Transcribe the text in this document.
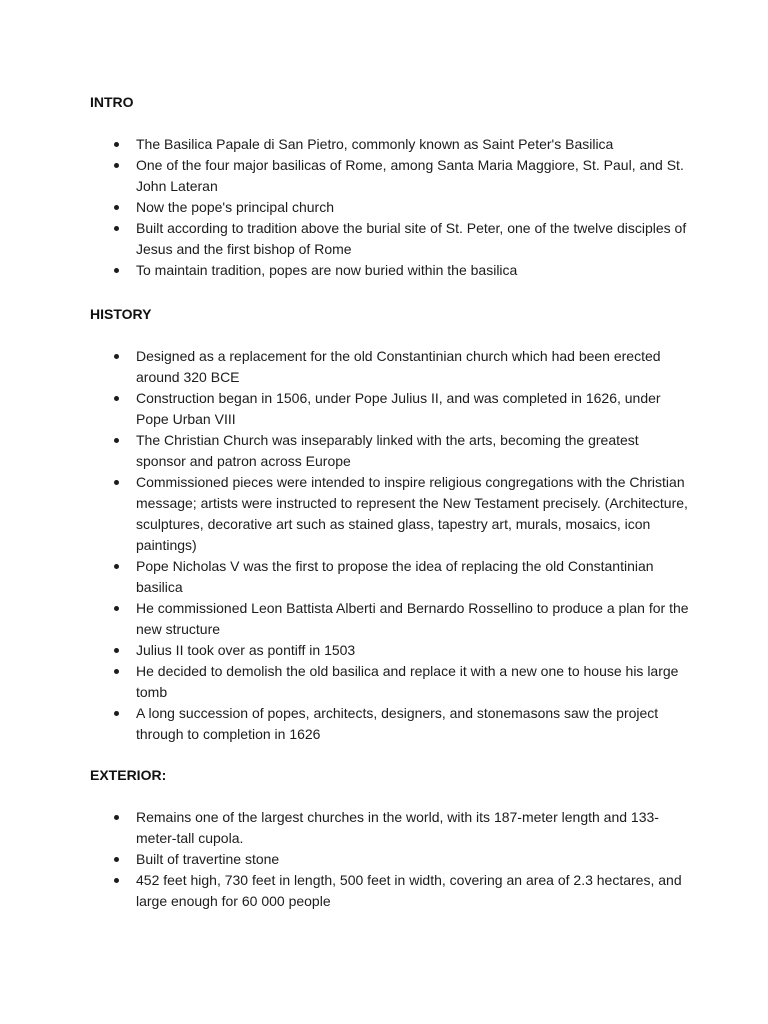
INTRO
The Basilica Papale di San Pietro, commonly known as Saint Peter's Basilica
One of the four major basilicas of Rome, among Santa Maria Maggiore, St. Paul, and St. John Lateran
Now the pope's principal church
Built according to tradition above the burial site of St. Peter, one of the twelve disciples of Jesus and the first bishop of Rome
To maintain tradition, popes are now buried within the basilica
HISTORY
Designed as a replacement for the old Constantinian church which had been erected around 320 BCE
Construction began in 1506, under Pope Julius II, and was completed in 1626, under Pope Urban VIII
The Christian Church was inseparably linked with the arts, becoming the greatest sponsor and patron across Europe
Commissioned pieces were intended to inspire religious congregations with the Christian message; artists were instructed to represent the New Testament precisely. (Architecture, sculptures, decorative art such as stained glass, tapestry art, murals, mosaics, icon paintings)
Pope Nicholas V was the first to propose the idea of replacing the old Constantinian basilica
He commissioned Leon Battista Alberti and Bernardo Rossellino to produce a plan for the new structure
Julius II took over as pontiff in 1503
He decided to demolish the old basilica and replace it with a new one to house his large tomb
A long succession of popes, architects, designers, and stonemasons saw the project through to completion in 1626
EXTERIOR:
Remains one of the largest churches in the world, with its 187-meter length and 133-meter-tall cupola.
Built of travertine stone
452 feet high, 730 feet in length, 500 feet in width, covering an area of 2.3 hectares, and large enough for 60 000 people
